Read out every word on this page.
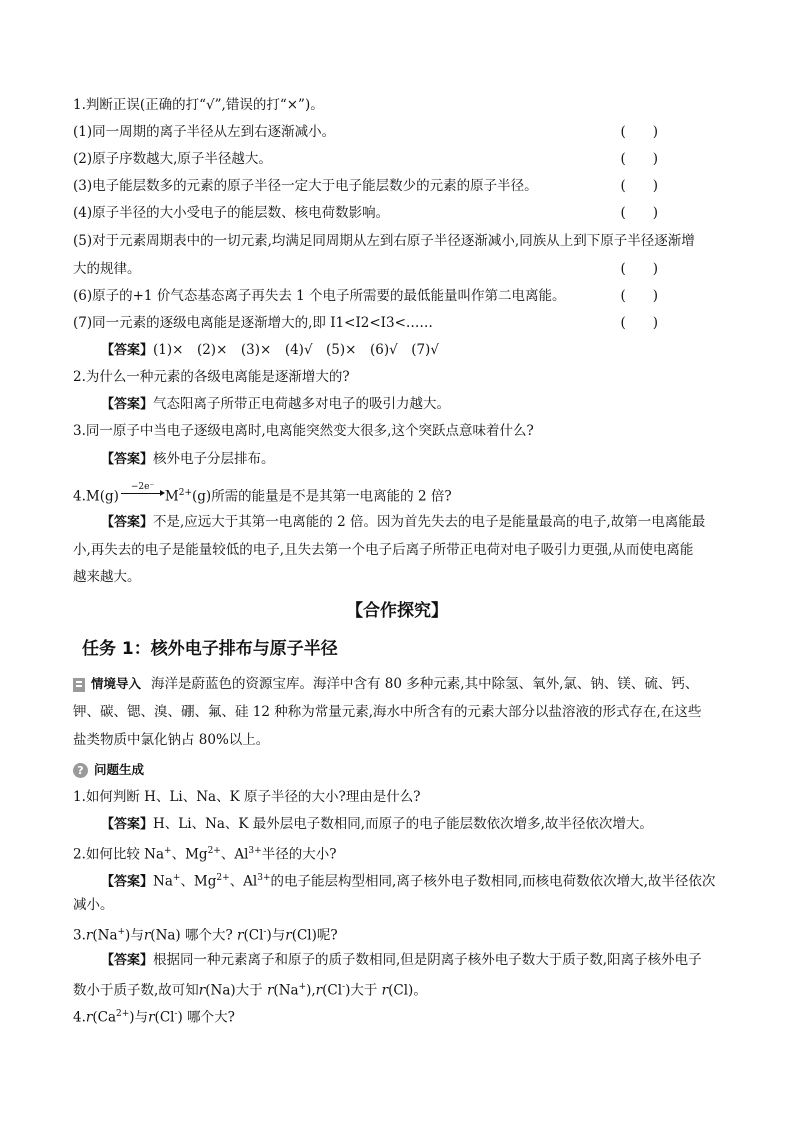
1.判断正误(正确的打“√”,错误的打“×”)。
(1)同一周期的离子半径从左到右逐渐减小。	(　　)
(2)原子序数越大,原子半径越大。	(　　)
(3)电子能层数多的元素的原子半径一定大于电子能层数少的元素的原子半径。	(　　)
(4)原子半径的大小受电子的能层数、核电荷数影响。	(　　)
(5)对于元素周期表中的一切元素,均满足同周期从左到右原子半径逐渐减小,同族从上到下原子半径逐渐增
大的规律。	(　　)
(6)原子的+1 价气态基态离子再失去 1 个电子所需要的最低能量叫作第二电离能。	(　　)
(7)同一元素的逐级电离能是逐渐增大的,即 I1<I2<I3<……	(　　)
【答案】(1)×　(2)×　(3)×　(4)√　(5)×　(6)√　(7)√
2.为什么一种元素的各级电离能是逐渐增大的?
【答案】气态阳离子所带正电荷越多对电子的吸引力越大。
3.同一原子中当电子逐级电离时,电离能突然变大很多,这个突跃点意味着什么?
【答案】核外电子分层排布。
4.M(g)
−2e⁻
$M^{2+}(g)$所需的能量是不是其第一电离能的 2 倍?
【答案】不是,应远大于其第一电离能的 2 倍。因为首先失去的电子是能量最高的电子,故第一电离能最
小,再失去的电子是能量较低的电子,且失去第一个电子后离子所带正电荷对电子吸引力更强,从而使电离能
越来越大。
【合作探究】
任务 1：核外电子排布与原子半径
情境导入 海洋是蔚蓝色的资源宝库。海洋中含有 80 多种元素,其中除氢、氧外,氯、钠、镁、硫、钙、
钾、碳、锶、溴、硼、氟、硅 12 种称为常量元素,海水中所含有的元素大部分以盐溶液的形式存在,在这些
盐类物质中氯化钠占 80%以上。
? 问题生成
1.如何判断 H、Li、Na、K 原子半径的大小?理由是什么?
【答案】H、Li、Na、K 最外层电子数相同,而原子的电子能层数依次增多,故半径依次增大。
2.如何比较 Na+、$Mg^{2+}$、$Al^{3+}$半径的大小?
【答案】Na+、$Mg^{2+}$、$Al^{3+}$的电子能层构型相同,离子核外电子数相同,而核电荷数依次增大,故半径依次
减小。
3.r(Na+)与r(Na) 哪个大? r(Cl-)与r(Cl)呢?
【答案】根据同一种元素离子和原子的质子数相同,但是阴离子核外电子数大于质子数,阳离子核外电子
数小于质子数,故可知r(Na)大于 r(Na+),r(Cl-)大于 r(Cl)。
$4.r(Ca^{2+})$与r(Cl-) 哪个大?
